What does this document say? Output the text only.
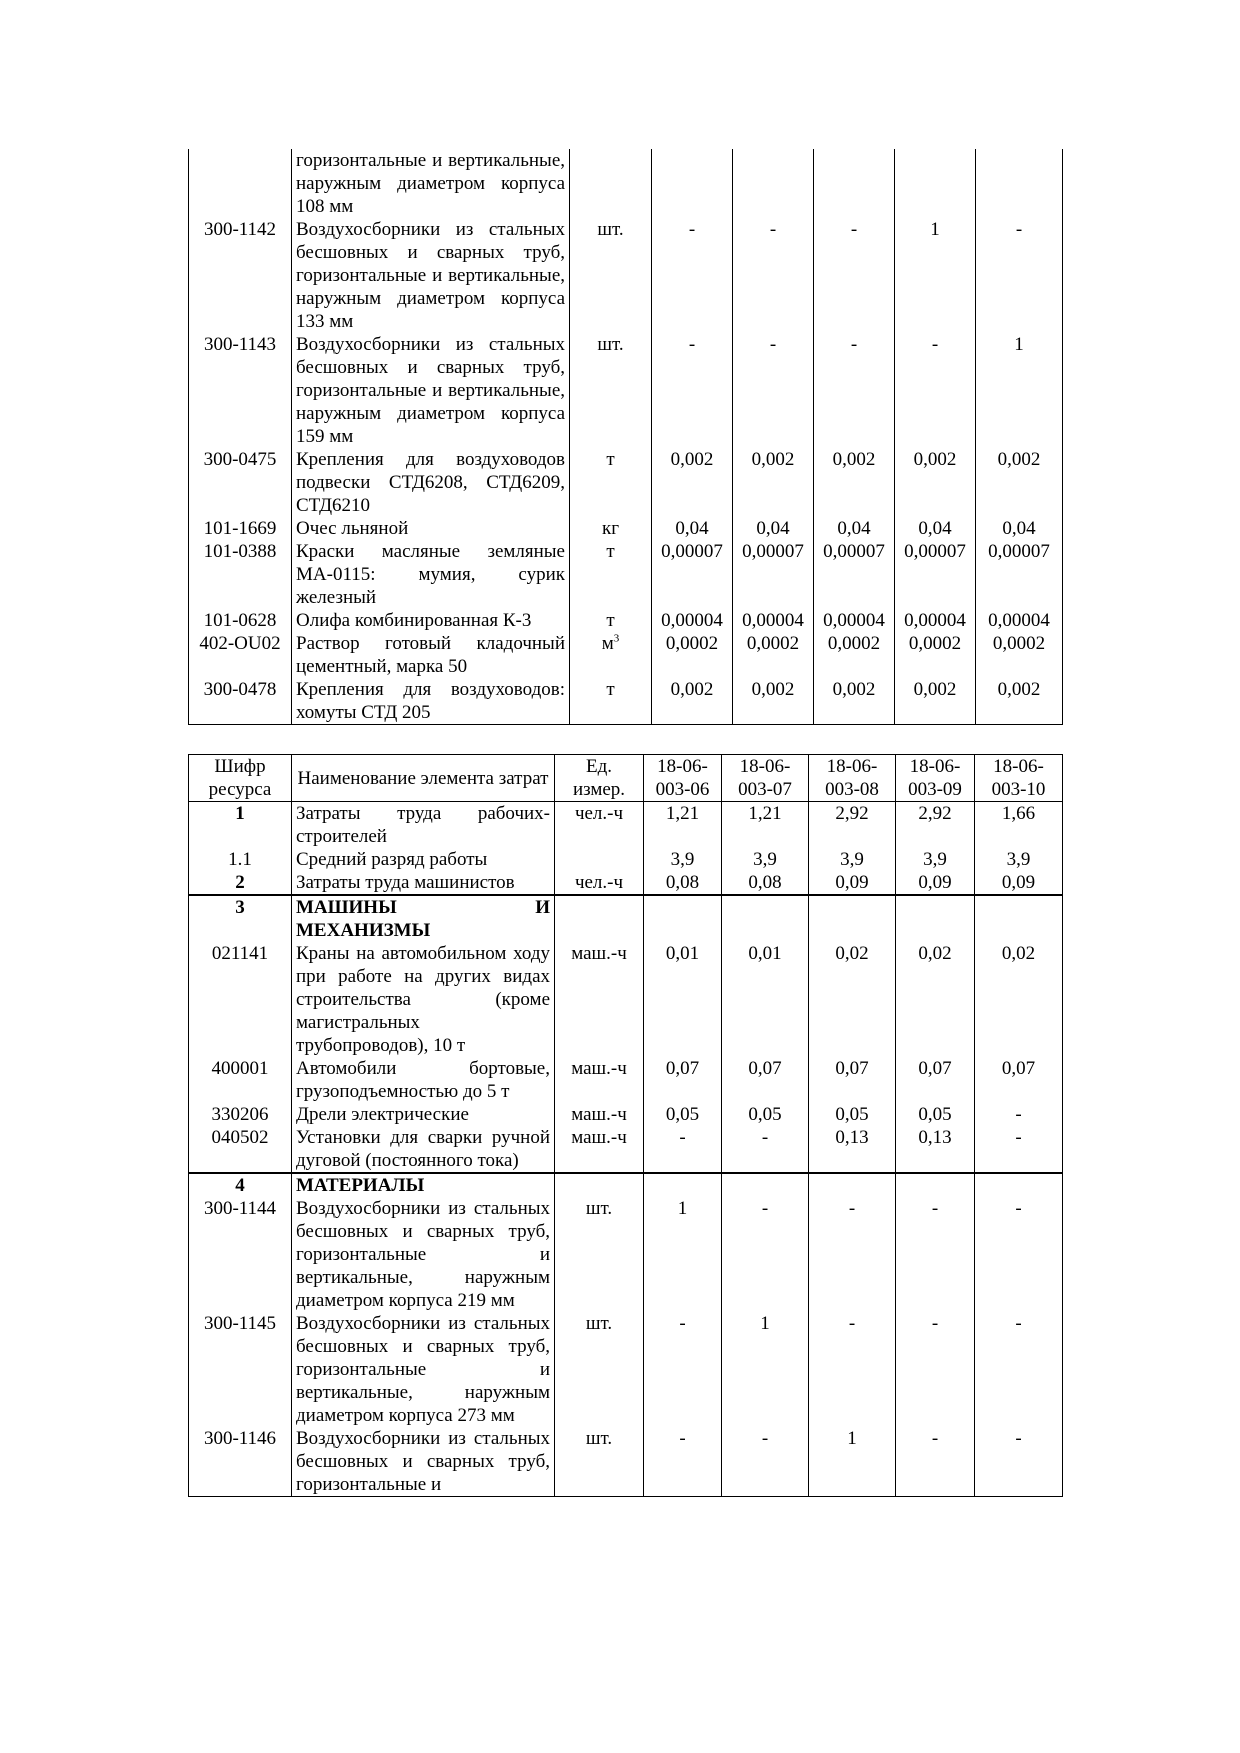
	горизонтальные и вертикальные, наружным диаметром корпуса 108 мм						
300-1142	Воздухосборники из стальных бесшовных и сварных труб, горизонтальные и вертикальные, наружным диаметром корпуса 133 мм	шт.	-	-	-	1	-
300-1143	Воздухосборники из стальных бесшовных и сварных труб, горизонтальные и вертикальные, наружным диаметром корпуса 159 мм	шт.	-	-	-	-	1
300-0475	Крепления для воздуховодов подвески СТД6208, СТД6209, СТД6210	т	0,002	0,002	0,002	0,002	0,002
101-1669	Очес льняной	кг	0,04	0,04	0,04	0,04	0,04
101-0388	Краски масляные земляные МА-0115: мумия, сурик железный	т	0,00007	0,00007	0,00007	0,00007	0,00007
101-0628	Олифа комбинированная К-3	т	0,00004	0,00004	0,00004	0,00004	0,00004
402-OU02	Раствор готовый кладочный цементный, марка 50	$м^3$	0,0002	0,0002	0,0002	0,0002	0,0002
300-0478	Крепления для воздуховодов: хомуты СТД 205	т	0,002	0,002	0,002	0,002	0,002
Шифр ресурса	Наименование элемента затрат	Ед. измер.	18-06-003-06	18-06-003-07	18-06-003-08	18-06-003-09	18-06-003-10
1	Затраты труда рабочих-строителей	чел.-ч	1,21	1,21	2,92	2,92	1,66
1.1	Средний разряд работы		3,9	3,9	3,9	3,9	3,9
2	Затраты труда машинистов	чел.-ч	0,08	0,08	0,09	0,09	0,09
3	МАШИНЫ И МЕХАНИЗМЫ						
021141	Краны на автомобильном ходу при работе на других видах строительства (кроме магистральных трубопроводов), 10 т	маш.-ч	0,01	0,01	0,02	0,02	0,02
400001	Автомобили бортовые, грузоподъемностью до 5 т	маш.-ч	0,07	0,07	0,07	0,07	0,07
330206	Дрели электрические	маш.-ч	0,05	0,05	0,05	0,05	-
040502	Установки для сварки ручной дуговой (постоянного тока)	маш.-ч	-	-	0,13	0,13	-
4	МАТЕРИАЛЫ						
300-1144	Воздухосборники из стальных бесшовных и сварных труб, горизонтальные и вертикальные, наружным диаметром корпуса 219 мм	шт.	1	-	-	-	-
300-1145	Воздухосборники из стальных бесшовных и сварных труб, горизонтальные и вертикальные, наружным диаметром корпуса 273 мм	шт.	-	1	-	-	-
300-1146	Воздухосборники из стальных бесшовных и сварных труб, горизонтальные и	шт.	-	-	1	-	-
